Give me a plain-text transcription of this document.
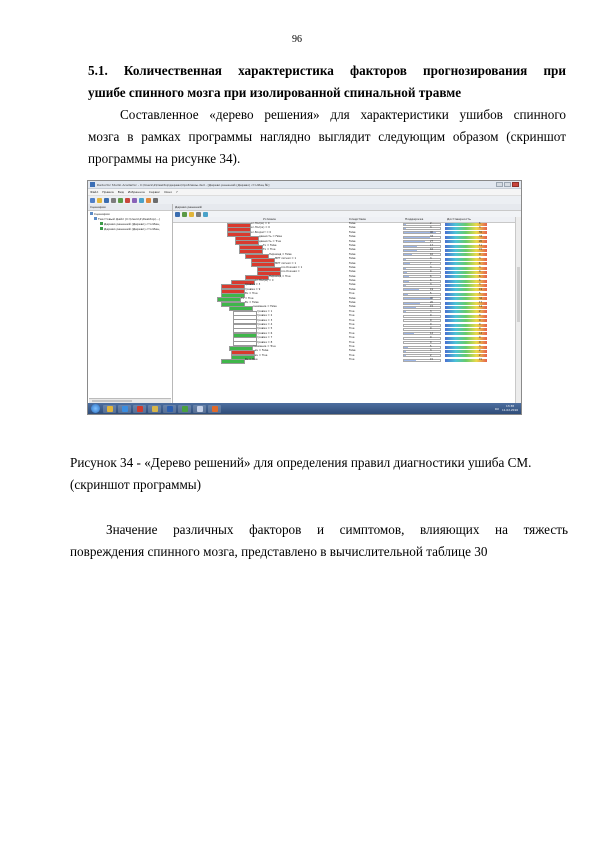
96
5.1. Количественная характеристика факторов прогнозирования при
ушибе спинного мозга при изолированной спинальной травме

Составленное «дерево решения» для характеристики ушибов спинного
мозга в рамках программы наглядно выглядит следующим образом (скриншот
программы на рисунке 34).

Deductor Studio Academic - C:\Users\1\Desktop\дерево\проблемы.ded - [Дерево решений (Дерево) столбец №]
Файл Правка Вид Избранное Сервис Окно ?
Сценарии
Сценарии
Текстовый файл (C:\Users\1\Desktop\...)
Дерево решений (Дерево) столбец
Дерево решений (Дерево) столбец
Дерево решений
Условие	Следствие	Поддержка	Достоверность
кс.Пол(м) = 0	False	2	6
кс.Пол(ж) = 0	False	3	3
кс.Возраст = 0	False	40	55
давность = False	False	33	33
давность = True	False	27	20
Тк = False	False	17	11
Тк = True	False	16	15
Пирамид = False	False	10	9
МРТ сигнал = 1	False	3	3
МРТ сигнал = 1	False	7	6
соз.Кожная = 1	False	3	3
соз.Кожная =	False	4	4
Пирамид = True	False	6	6
кс.Пол(м) = С	False	6	6
травма = 3	False	3	3
травма = 9	False	19	19
Вч = True	True	5	5
Тк = True	False	35	32
Вч = False	False	20	17
онемение = False	False	15	14
травма = 1	True	3	2
травма = 2	True	0	0
травма = 3	True	0	0
травма = 4	True	0	0
травма = 5	True	0	0
травма = 6	True	12	12
травма = 7	True	0	0
травма = 8	True	0	0
онемение = True	True	5	3
вч = False	False	3	2
вч = True	True	2	2
Вч = True	True	15	15
RU
13:38
11.02.2016

Рисунок 34 - «Дерево решений» для определения правил диагностики ушиба СМ.
(скриншот программы)

Значение различных факторов и симптомов, влияющих на тяжесть
повреждения спинного мозга, представлено в вычислительной таблице 30
